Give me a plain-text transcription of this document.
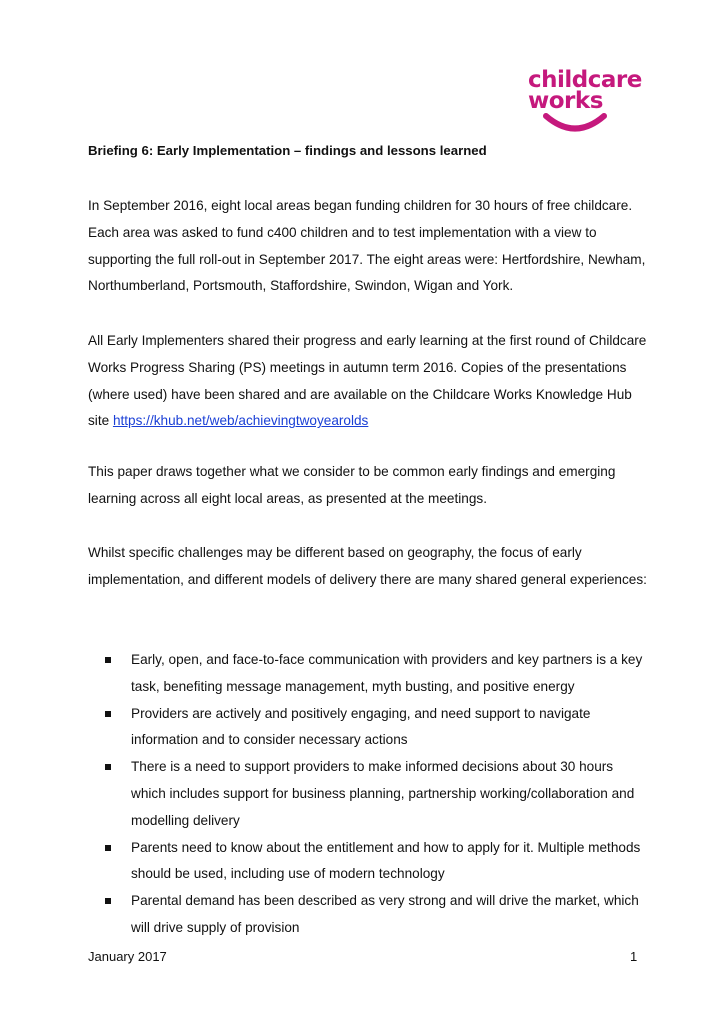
childcare
works
Briefing 6: Early Implementation – findings and lessons learned
In September 2016, eight local areas began funding children for 30 hours of free childcare. Each area was asked to fund c400 children and to test implementation with a view to supporting the full roll-out in September 2017. The eight areas were: Hertfordshire, Newham, Northumberland, Portsmouth, Staffordshire, Swindon, Wigan and York.
All Early Implementers shared their progress and early learning at the first round of Childcare Works Progress Sharing (PS) meetings in autumn term 2016. Copies of the presentations (where used) have been shared and are available on the Childcare Works Knowledge Hub site https://khub.net/web/achievingtwoyearolds
This paper draws together what we consider to be common early findings and emerging learning across all eight local areas, as presented at the meetings.
Whilst specific challenges may be different based on geography, the focus of early implementation, and different models of delivery there are many shared general experiences:
Early, open, and face-to-face communication with providers and key partners is a key task, benefiting message management, myth busting, and positive energy
Providers are actively and positively engaging, and need support to navigate information and to consider necessary actions
There is a need to support providers to make informed decisions about 30 hours which includes support for business planning, partnership working/collaboration and modelling delivery
Parents need to know about the entitlement and how to apply for it. Multiple methods should be used, including use of modern technology
Parental demand has been described as very strong and will drive the market, which will drive supply of provision
January 2017	1
